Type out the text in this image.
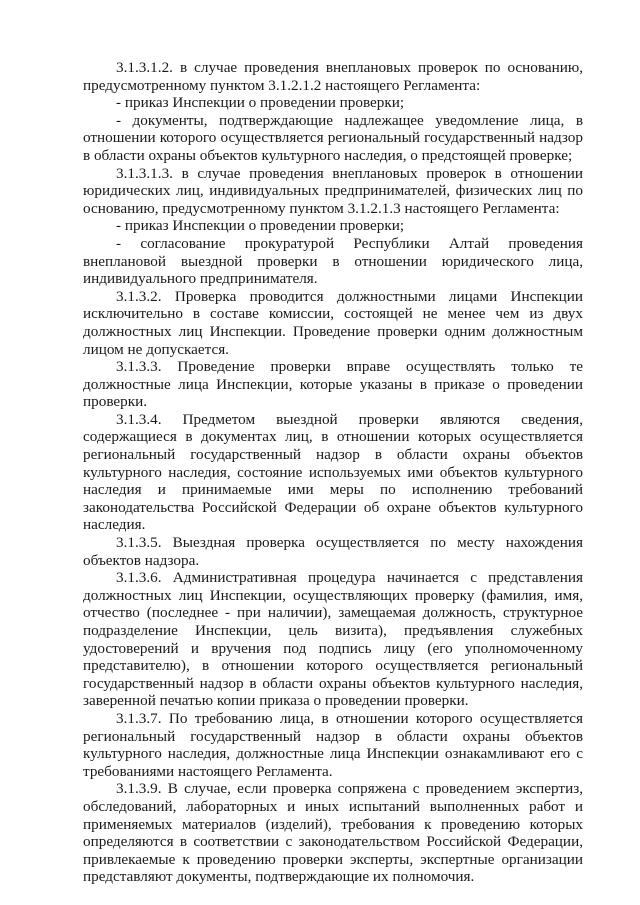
3.1.3.1.2. в случае проведения внеплановых проверок по основанию, предусмотренному пунктом 3.1.2.1.2 настоящего Регламента:

- приказ Инспекции о проведении проверки;

- документы, подтверждающие надлежащее уведомление лица, в отношении которого осуществляется региональный государственный надзор в области охраны объектов культурного наследия, о предстоящей проверке;

3.1.3.1.3. в случае проведения внеплановых проверок в отношении юридических лиц, индивидуальных предпринимателей, физических лиц по основанию, предусмотренному пунктом 3.1.2.1.3 настоящего Регламента:

- приказ Инспекции о проведении проверки;

- согласование прокуратурой Республики Алтай проведения внеплановой выездной проверки в отношении юридического лица, индивидуального предпринимателя.

3.1.3.2. Проверка проводится должностными лицами Инспекции исключительно в составе комиссии, состоящей не менее чем из двух должностных лиц Инспекции. Проведение проверки одним должностным лицом не допускается.

3.1.3.3. Проведение проверки вправе осуществлять только те должностные лица Инспекции, которые указаны в приказе о проведении проверки.

3.1.3.4. Предметом выездной проверки являются сведения, содержащиеся в документах лиц, в отношении которых осуществляется региональный государственный надзор в области охраны объектов культурного наследия, состояние используемых ими объектов культурного наследия и принимаемые ими меры по исполнению требований законодательства Российской Федерации об охране объектов культурного наследия.

3.1.3.5. Выездная проверка осуществляется по месту нахождения объектов надзора.

3.1.3.6. Административная процедура начинается с представления должностных лиц Инспекции, осуществляющих проверку (фамилия, имя, отчество (последнее - при наличии), замещаемая должность, структурное подразделение Инспекции, цель визита), предъявления служебных удостоверений и вручения под подпись лицу (его уполномоченному представителю), в отношении которого осуществляется региональный государственный надзор в области охраны объектов культурного наследия, заверенной печатью копии приказа о проведении проверки.

3.1.3.7. По требованию лица, в отношении которого осуществляется региональный государственный надзор в области охраны объектов культурного наследия, должностные лица Инспекции ознакамливают его с требованиями настоящего Регламента.

3.1.3.9. В случае, если проверка сопряжена с проведением экспертиз, обследований, лабораторных и иных испытаний выполненных работ и применяемых материалов (изделий), требования к проведению которых определяются в соответствии с законодательством Российской Федерации, привлекаемые к проведению проверки эксперты, экспертные организации представляют документы, подтверждающие их полномочия.
